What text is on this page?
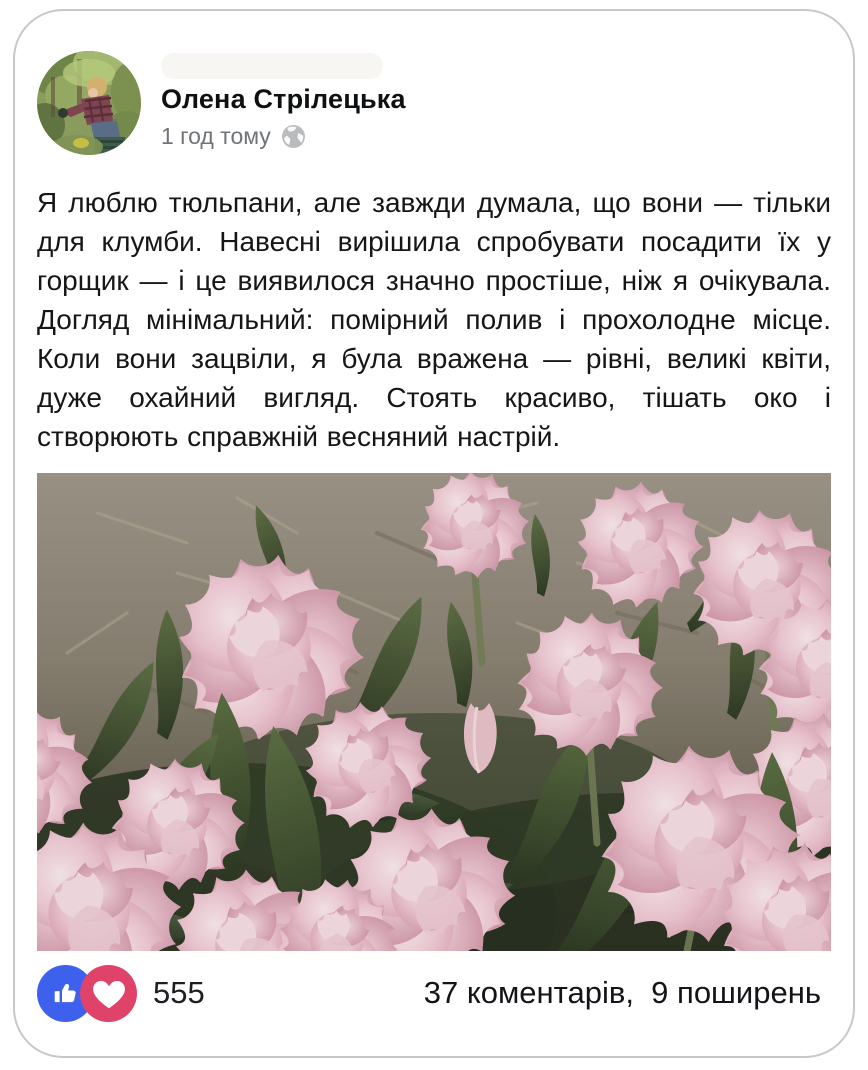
Олена Стрілецька
1 год тому

Я люблю тюльпани, але завжди думала, що вони — тільки для клумби. Навесні вирішила спробувати посадити їх у горщик — і це виявилося значно простіше, ніж я очікувала. Догляд мінімальний: помірний полив і прохолодне місце. Коли вони зацвіли, я була вражена — рівні, великі квіти, дуже охайний вигляд. Стоять красиво, тішать око і створюють справжній весняний настрій.

555	37 коментарів,  9 поширень
